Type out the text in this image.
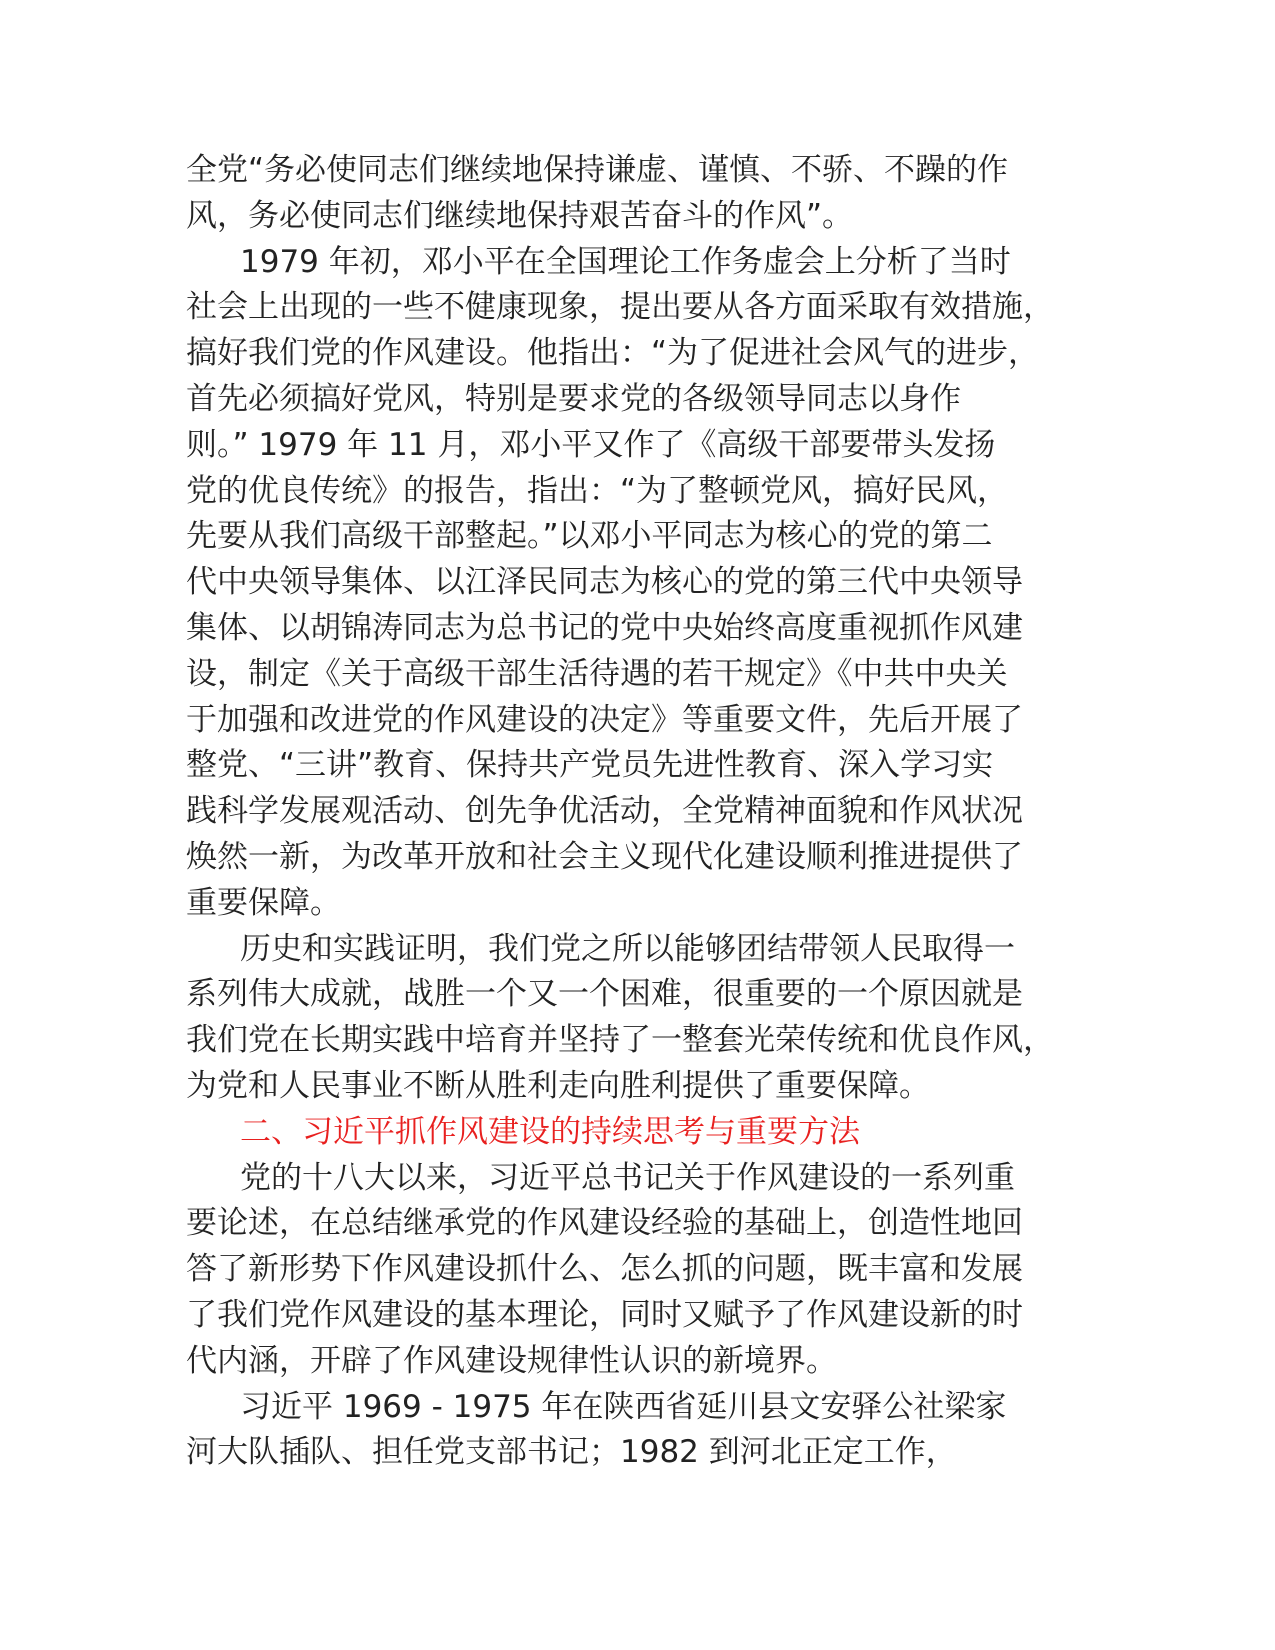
全党“务必使同志们继续地保持谦虚、谨慎、不骄、不躁的作
风，务必使同志们继续地保持艰苦奋斗的作风”。
1979 年初，邓小平在全国理论工作务虚会上分析了当时
社会上出现的一些不健康现象，提出要从各方面采取有效措施，
搞好我们党的作风建设。他指出：“为了促进社会风气的进步，
首先必须搞好党风，特别是要求党的各级领导同志以身作
则。” 1979 年 11 月，邓小平又作了《高级干部要带头发扬
党的优良传统》的报告，指出：“为了整顿党风，搞好民风，
先要从我们高级干部整起。”以邓小平同志为核心的党的第二
代中央领导集体、以江泽民同志为核心的党的第三代中央领导
集体、以胡锦涛同志为总书记的党中央始终高度重视抓作风建
设，制定《关于高级干部生活待遇的若干规定》《中共中央关
于加强和改进党的作风建设的决定》等重要文件，先后开展了
整党、“三讲”教育、保持共产党员先进性教育、深入学习实
践科学发展观活动、创先争优活动，全党精神面貌和作风状况
焕然一新，为改革开放和社会主义现代化建设顺利推进提供了
重要保障。
历史和实践证明，我们党之所以能够团结带领人民取得一
系列伟大成就，战胜一个又一个困难，很重要的一个原因就是
我们党在长期实践中培育并坚持了一整套光荣传统和优良作风，
为党和人民事业不断从胜利走向胜利提供了重要保障。
二、习近平抓作风建设的持续思考与重要方法
党的十八大以来，习近平总书记关于作风建设的一系列重
要论述，在总结继承党的作风建设经验的基础上，创造性地回
答了新形势下作风建设抓什么、怎么抓的问题，既丰富和发展
了我们党作风建设的基本理论，同时又赋予了作风建设新的时
代内涵，开辟了作风建设规律性认识的新境界。
习近平 1969 - 1975 年在陕西省延川县文安驿公社梁家
河大队插队、担任党支部书记；1982 到河北正定工作，
